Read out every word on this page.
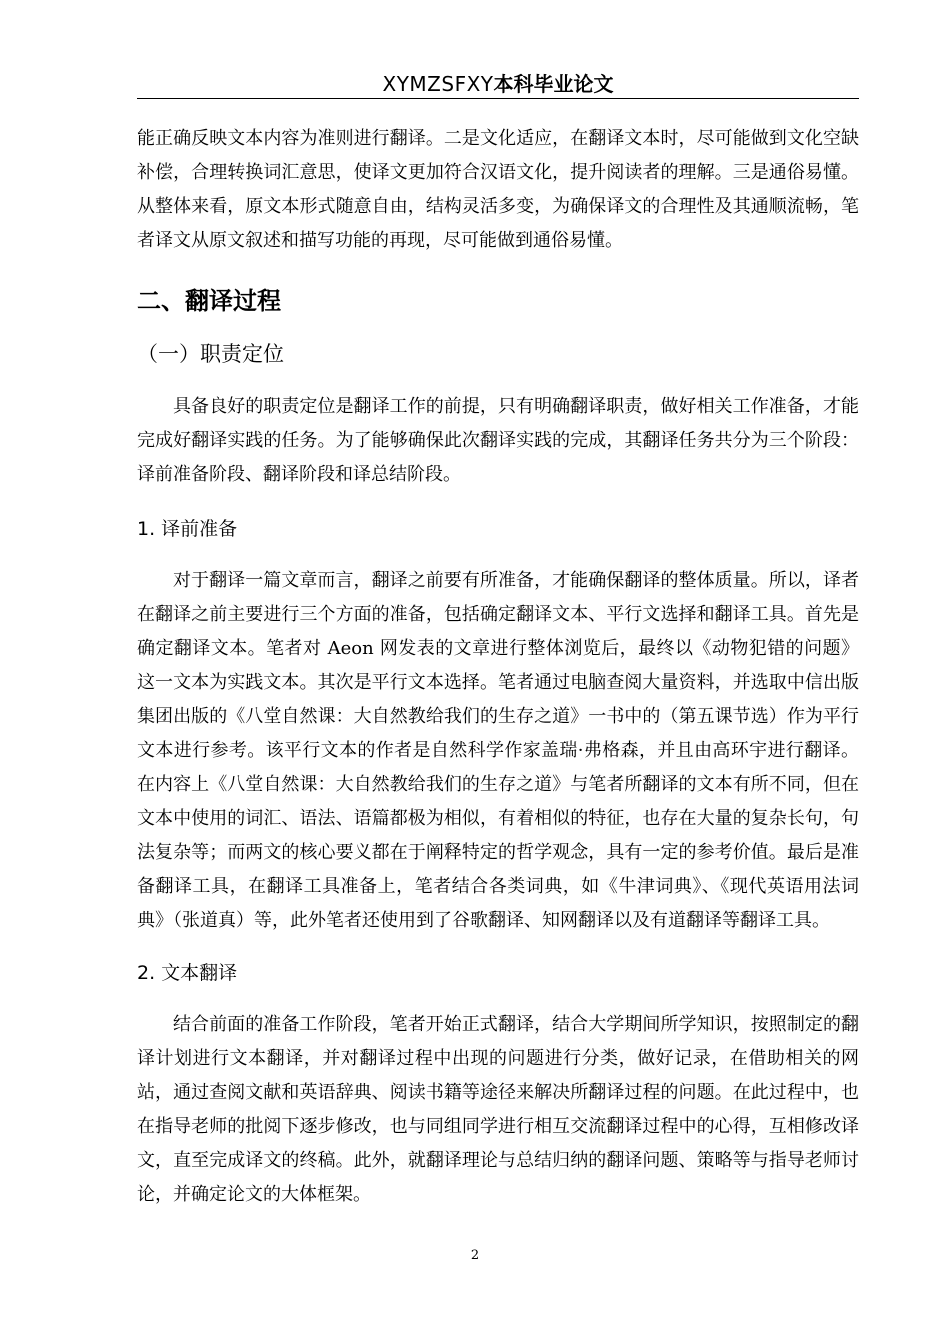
XYMZSFXY本科毕业论文

能正确反映文本内容为准则进行翻译。二是文化适应，在翻译文本时，尽可能做到文化空缺补偿，合理转换词汇意思，使译文更加符合汉语文化，提升阅读者的理解。三是通俗易懂。从整体来看，原文本形式随意自由，结构灵活多变，为确保译文的合理性及其通顺流畅，笔者译文从原文叙述和描写功能的再现，尽可能做到通俗易懂。

二、翻译过程
（一）职责定位

具备良好的职责定位是翻译工作的前提，只有明确翻译职责，做好相关工作准备，才能完成好翻译实践的任务。为了能够确保此次翻译实践的完成，其翻译任务共分为三个阶段：译前准备阶段、翻译阶段和译总结阶段。

1. 译前准备

对于翻译一篇文章而言，翻译之前要有所准备，才能确保翻译的整体质量。所以，译者在翻译之前主要进行三个方面的准备，包括确定翻译文本、平行文选择和翻译工具。首先是确定翻译文本。笔者对 Aeon 网发表的文章进行整体浏览后，最终以《动物犯错的问题》这一文本为实践文本。其次是平行文本选择。笔者通过电脑查阅大量资料，并选取中信出版集团出版的《八堂自然课：大自然教给我们的生存之道》一书中的（第五课节选）作为平行文本进行参考。该平行文本的作者是自然科学作家盖瑞·弗格森，并且由高环宇进行翻译。在内容上《八堂自然课：大自然教给我们的生存之道》与笔者所翻译的文本有所不同，但在文本中使用的词汇、语法、语篇都极为相似，有着相似的特征，也存在大量的复杂长句，句法复杂等；而两文的核心要义都在于阐释特定的哲学观念，具有一定的参考价值。最后是准备翻译工具，在翻译工具准备上，笔者结合各类词典，如《牛津词典》、《现代英语用法词典》（张道真）等，此外笔者还使用到了谷歌翻译、知网翻译以及有道翻译等翻译工具。

2. 文本翻译

结合前面的准备工作阶段，笔者开始正式翻译，结合大学期间所学知识，按照制定的翻译计划进行文本翻译，并对翻译过程中出现的问题进行分类，做好记录，在借助相关的网站，通过查阅文献和英语辞典、阅读书籍等途径来解决所翻译过程的问题。在此过程中，也在指导老师的批阅下逐步修改，也与同组同学进行相互交流翻译过程中的心得，互相修改译文，直至完成译文的终稿。此外，就翻译理论与总结归纳的翻译问题、策略等与指导老师讨论，并确定论文的大体框架。

2
